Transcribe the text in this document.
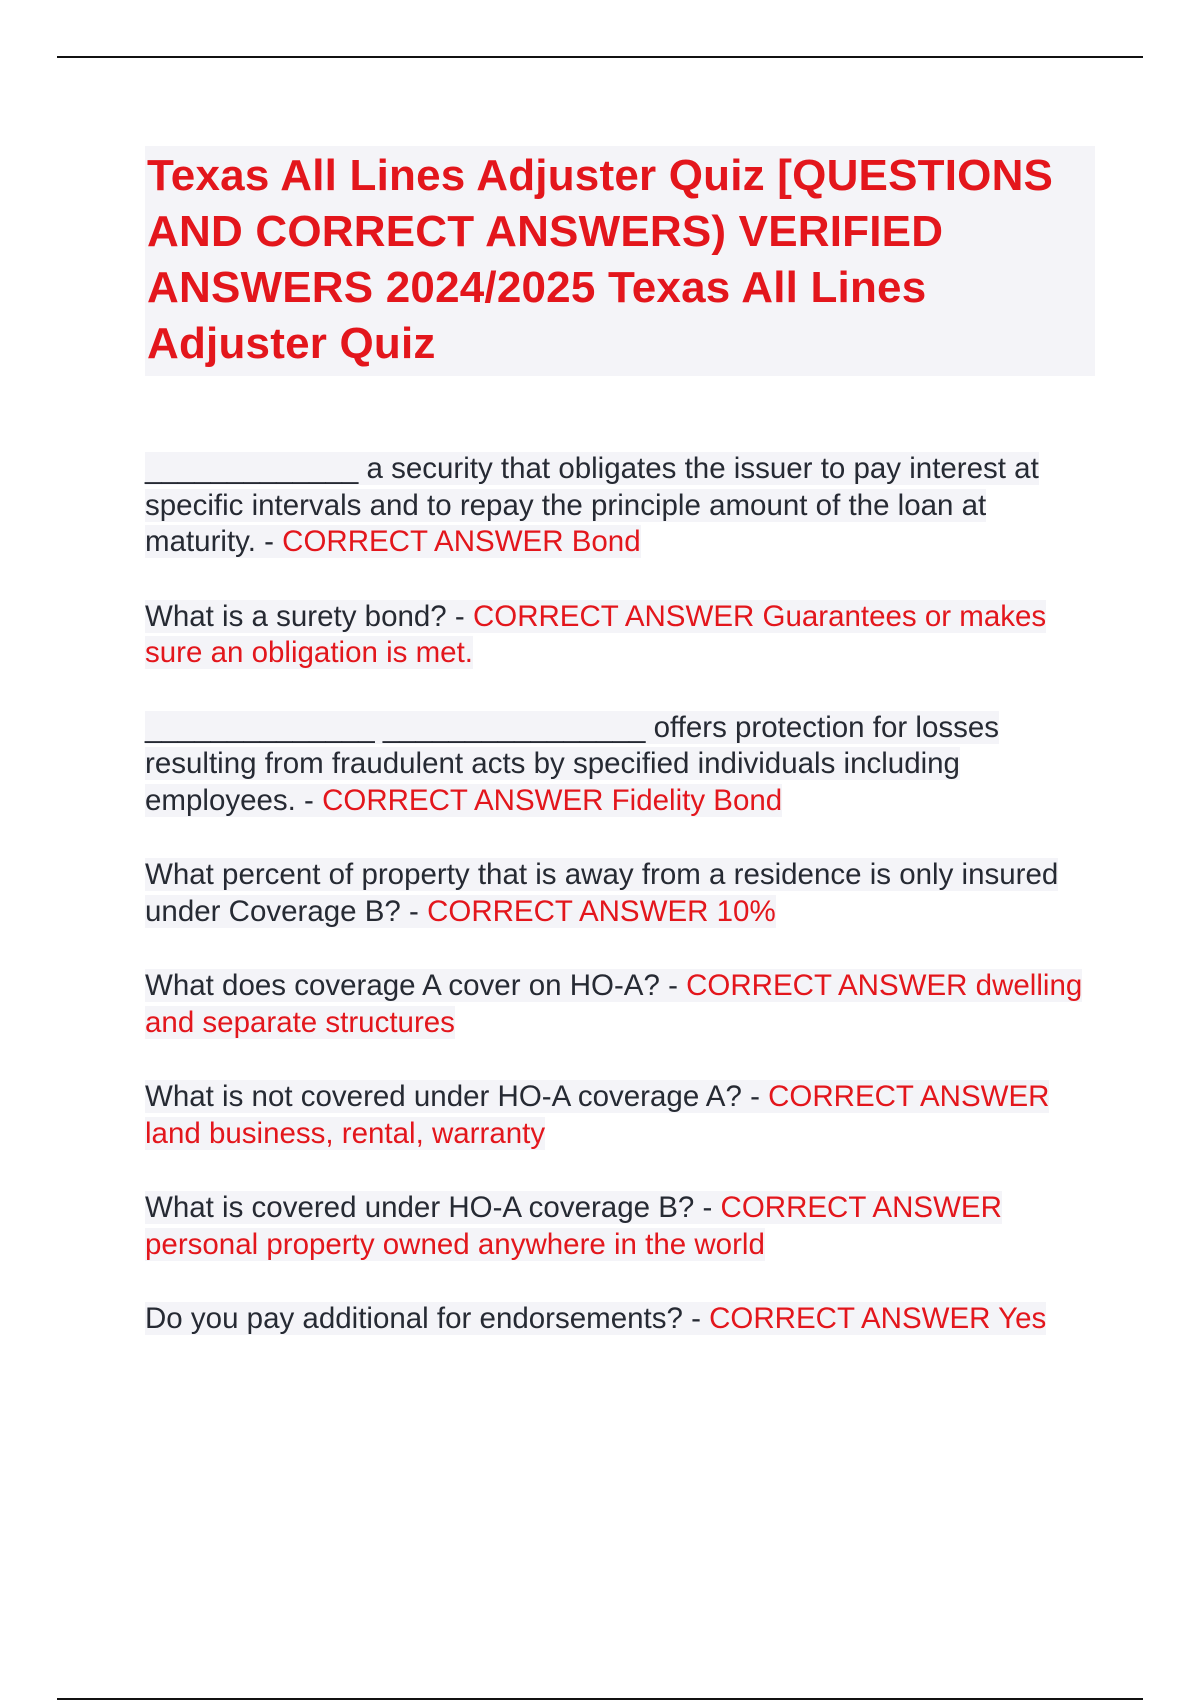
Texas All Lines Adjuster Quiz [QUESTIONS AND CORRECT ANSWERS) VERIFIED ANSWERS 2024/2025 Texas All Lines Adjuster Quiz

_____________ a security that obligates the issuer to pay interest at specific intervals and to repay the principle amount of the loan at maturity. - CORRECT ANSWER Bond

What is a surety bond? - CORRECT ANSWER Guarantees or makes sure an obligation is met.

______________ ________________ offers protection for losses resulting from fraudulent acts by specified individuals including employees. - CORRECT ANSWER Fidelity Bond

What percent of property that is away from a residence is only insured under Coverage B? - CORRECT ANSWER 10%

What does coverage A cover on HO-A? - CORRECT ANSWER dwelling and separate structures

What is not covered under HO-A coverage A? - CORRECT ANSWER land business, rental, warranty

What is covered under HO-A coverage B? - CORRECT ANSWER personal property owned anywhere in the world

Do you pay additional for endorsements? - CORRECT ANSWER Yes
